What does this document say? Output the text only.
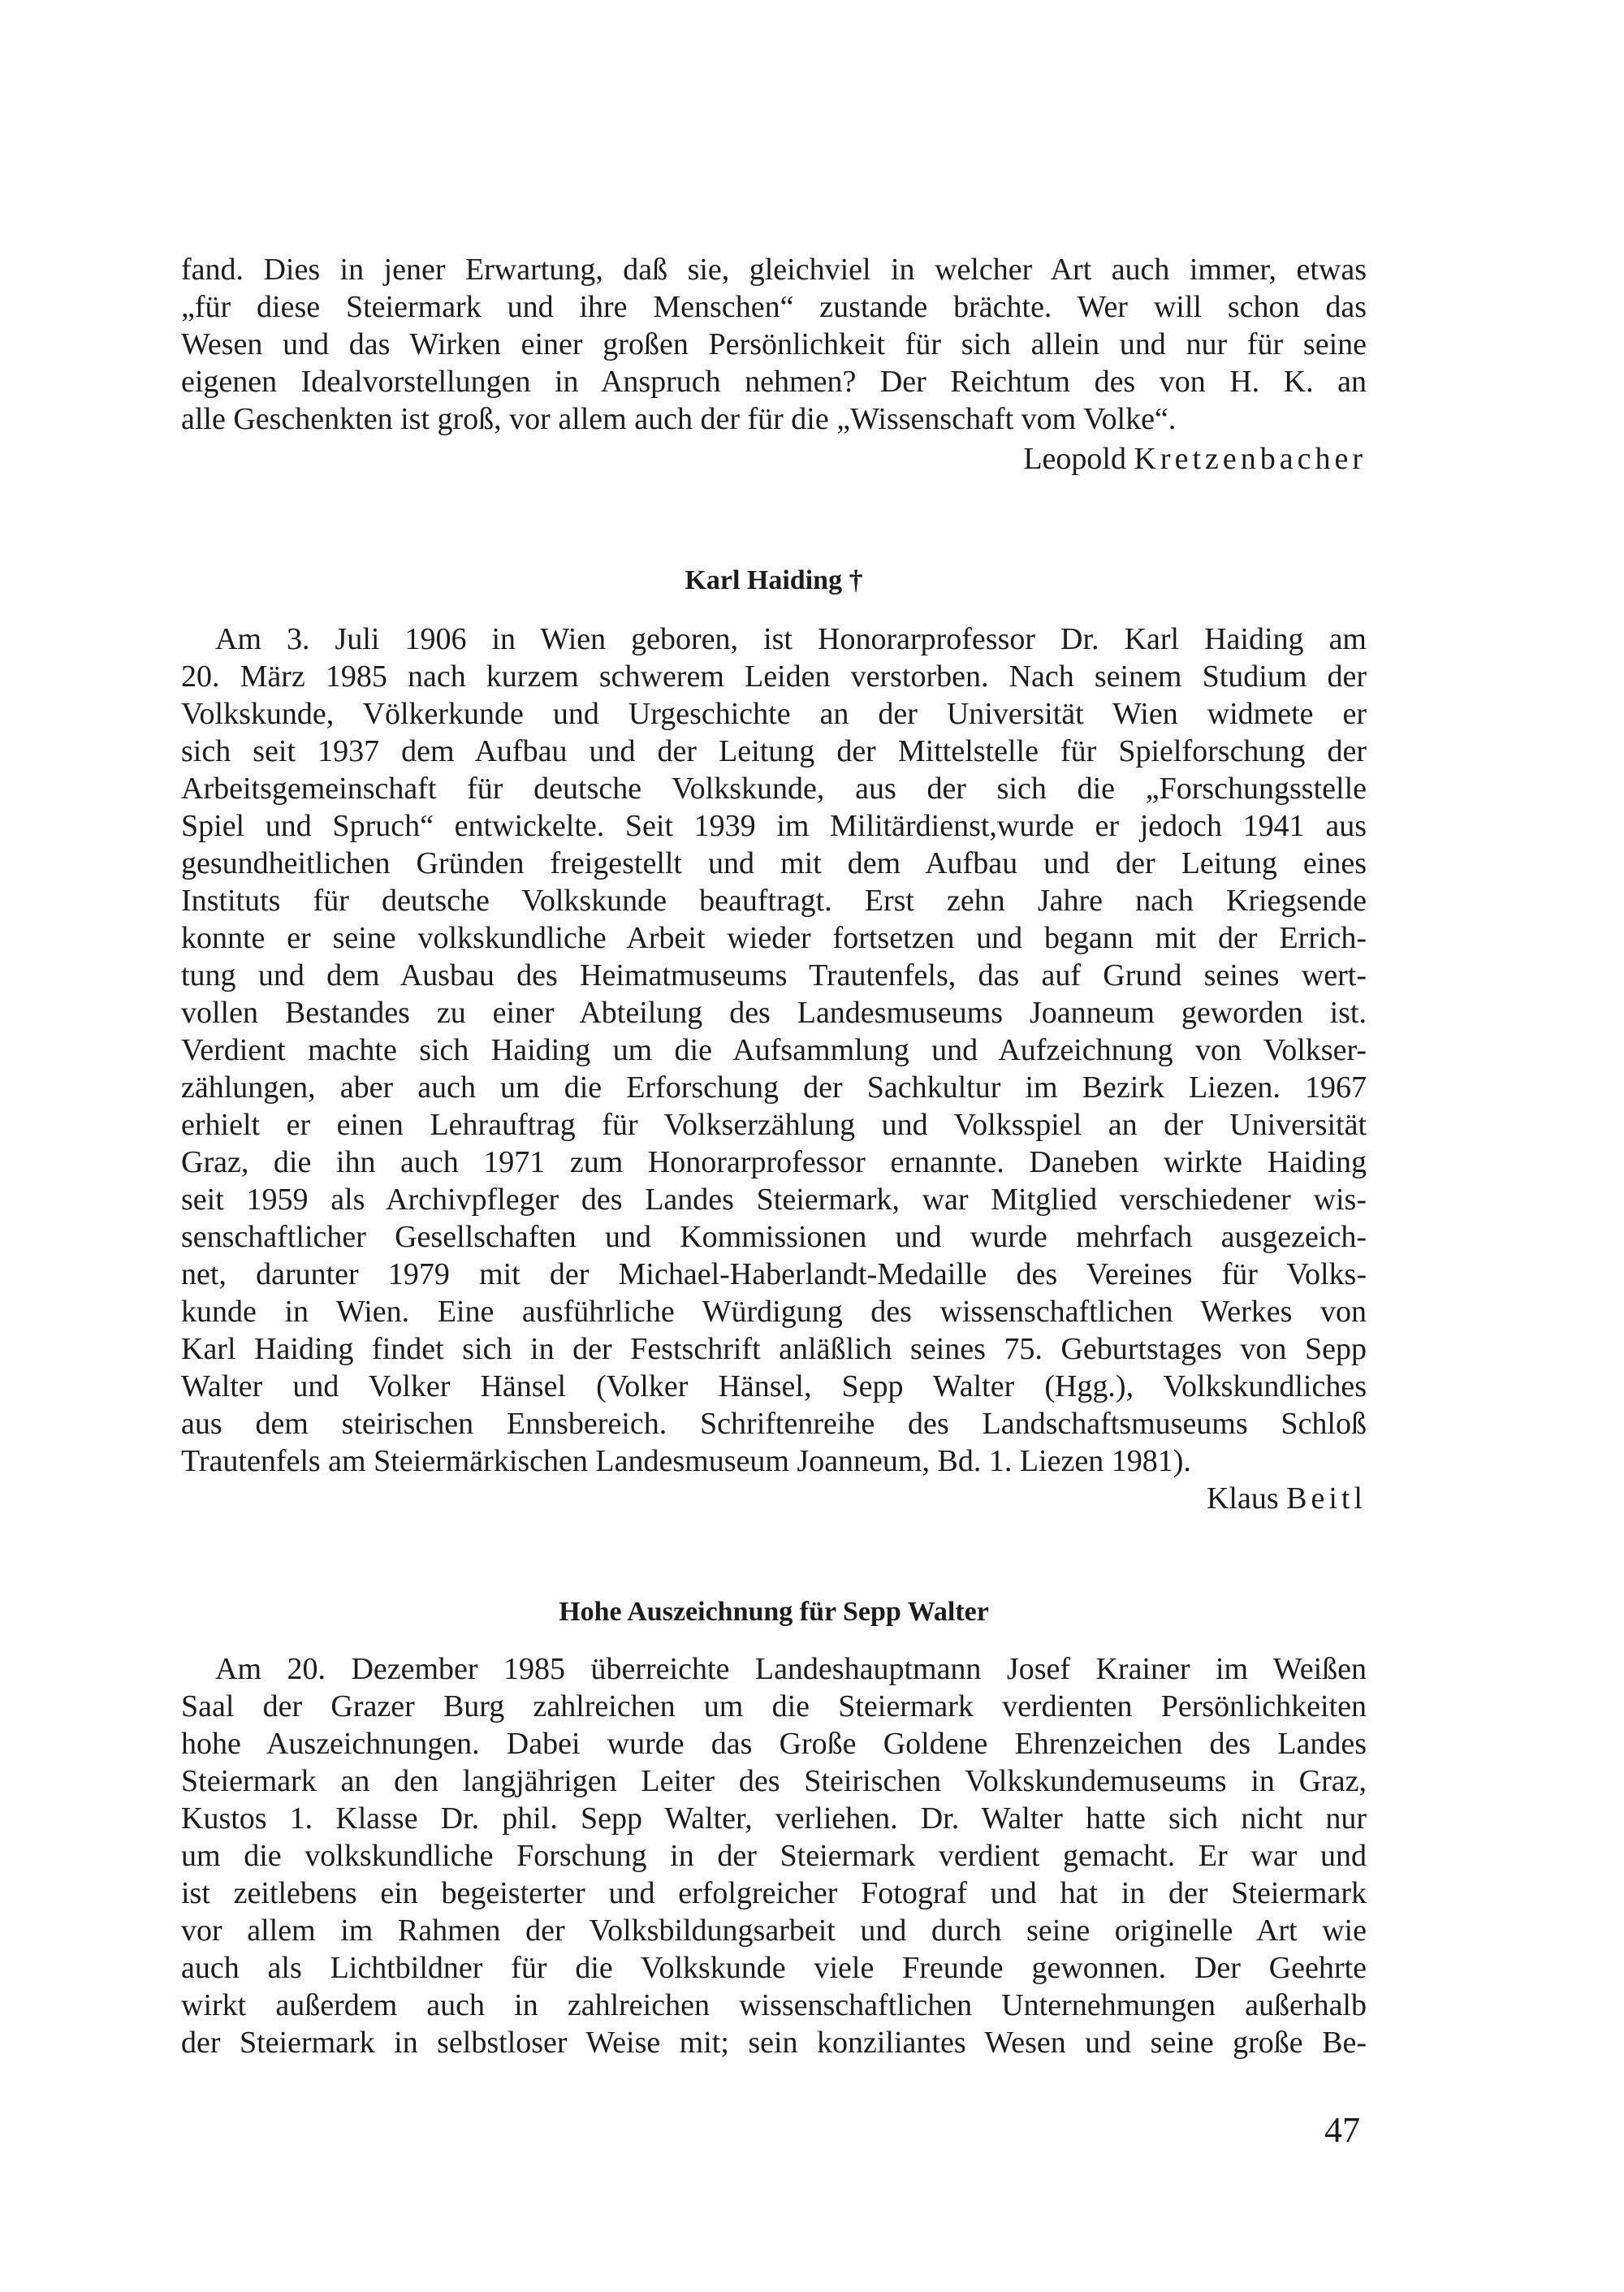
fand. Dies in jener Erwartung, daß sie, gleichviel in welcher Art auch immer, etwas
„für diese Steiermark und ihre Menschen“ zustande brächte. Wer will schon das
Wesen und das Wirken einer großen Persönlichkeit für sich allein und nur für seine
eigenen Idealvorstellungen in Anspruch nehmen? Der Reichtum des von H. K. an
alle Geschenkten ist groß, vor allem auch der für die „Wissenschaft vom Volke“.
Leopold Kretzenbacher
Karl Haiding †
Am 3. Juli 1906 in Wien geboren, ist Honorarprofessor Dr. Karl Haiding am
20. März 1985 nach kurzem schwerem Leiden verstorben. Nach seinem Studium der
Volkskunde, Völkerkunde und Urgeschichte an der Universität Wien widmete er
sich seit 1937 dem Aufbau und der Leitung der Mittelstelle für Spielforschung der
Arbeitsgemeinschaft für deutsche Volkskunde, aus der sich die „Forschungsstelle
Spiel und Spruch“ entwickelte. Seit 1939 im Militärdienst,wurde er jedoch 1941 aus
gesundheitlichen Gründen freigestellt und mit dem Aufbau und der Leitung eines
Instituts für deutsche Volkskunde beauftragt. Erst zehn Jahre nach Kriegsende
konnte er seine volkskundliche Arbeit wieder fortsetzen und begann mit der Errich-
tung und dem Ausbau des Heimatmuseums Trautenfels, das auf Grund seines wert-
vollen Bestandes zu einer Abteilung des Landesmuseums Joanneum geworden ist.
Verdient machte sich Haiding um die Aufsammlung und Aufzeichnung von Volkser-
zählungen, aber auch um die Erforschung der Sachkultur im Bezirk Liezen. 1967
erhielt er einen Lehrauftrag für Volkserzählung und Volksspiel an der Universität
Graz, die ihn auch 1971 zum Honorarprofessor ernannte. Daneben wirkte Haiding
seit 1959 als Archivpfleger des Landes Steiermark, war Mitglied verschiedener wis-
senschaftlicher Gesellschaften und Kommissionen und wurde mehrfach ausgezeich-
net, darunter 1979 mit der Michael-Haberlandt-Medaille des Vereines für Volks-
kunde in Wien. Eine ausführliche Würdigung des wissenschaftlichen Werkes von
Karl Haiding findet sich in der Festschrift anläßlich seines 75. Geburtstages von Sepp
Walter und Volker Hänsel (Volker Hänsel, Sepp Walter (Hgg.), Volkskundliches
aus dem steirischen Ennsbereich. Schriftenreihe des Landschaftsmuseums Schloß
Trautenfels am Steiermärkischen Landesmuseum Joanneum, Bd. 1. Liezen 1981).
Klaus Beitl
Hohe Auszeichnung für Sepp Walter
Am 20. Dezember 1985 überreichte Landeshauptmann Josef Krainer im Weißen
Saal der Grazer Burg zahlreichen um die Steiermark verdienten Persönlichkeiten
hohe Auszeichnungen. Dabei wurde das Große Goldene Ehrenzeichen des Landes
Steiermark an den langjährigen Leiter des Steirischen Volkskundemuseums in Graz,
Kustos 1. Klasse Dr. phil. Sepp Walter, verliehen. Dr. Walter hatte sich nicht nur
um die volkskundliche Forschung in der Steiermark verdient gemacht. Er war und
ist zeitlebens ein begeisterter und erfolgreicher Fotograf und hat in der Steiermark
vor allem im Rahmen der Volksbildungsarbeit und durch seine originelle Art wie
auch als Lichtbildner für die Volkskunde viele Freunde gewonnen. Der Geehrte
wirkt außerdem auch in zahlreichen wissenschaftlichen Unternehmungen außerhalb
der Steiermark in selbstloser Weise mit; sein konziliantes Wesen und seine große Be-
47
